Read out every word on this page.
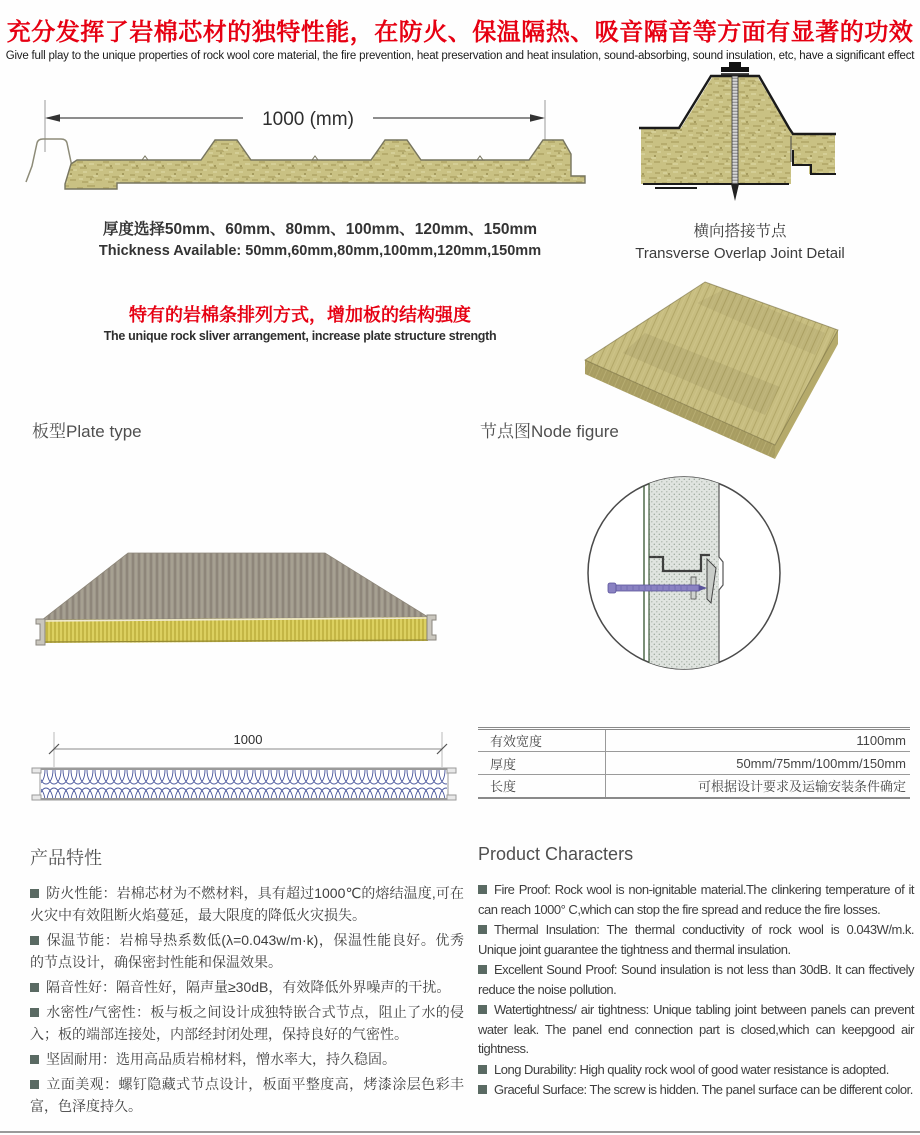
充分发挥了岩棉芯材的独特性能，在防火、保温隔热、吸音隔音等方面有显著的功效
Give full play to the unique properties of rock wool core material, the fire prevention, heat preservation and heat insulation, sound-absorbing, sound insulation, etc, have a significant effect
1000 (mm)
厚度选择50mm、60mm、80mm、100mm、120mm、150mm
Thickness Available: 50mm,60mm,80mm,100mm,120mm,150mm
横向搭接节点
Transverse Overlap Joint Detail
特有的岩棉条排列方式，增加板的结构强度
The unique rock sliver arrangement, increase plate structure strength
板型Plate type	节点图Node figure
1000	有效宽度	1100mm
厚度	50mm/75mm/100mm/150mm
长度	可根据设计要求及运输安装条件确定
产品特性

防火性能：岩棉芯材为不燃材料，具有超过1000℃的熔结温度,可在火灾中有效阻断火焰蔓延，最大限度的降低火灾损失。

保温节能：岩棉导热系数低(λ=0.043w/m·k)，保温性能良好。优秀的节点设计，确保密封性能和保温效果。

隔音性好：隔音性好，隔声量≥30dB，有效降低外界噪声的干扰。

水密性/气密性：板与板之间设计成独特嵌合式节点，阻止了水的侵入；板的端部连接处，内部经封闭处理，保持良好的气密性。

坚固耐用：选用高品质岩棉材料，憎水率大，持久稳固。

立面美观：螺钉隐藏式节点设计，板面平整度高，烤漆涂层色彩丰富，色泽度持久。

Product Characters

Fire Proof: Rock wool is non-ignitable material.The clinkering temperature of it can reach 1000° C,which can stop the fire spread and reduce the fire losses.

Thermal Insulation: The thermal conductivity of rock wool is 0.043W/m.k. Unique joint guarantee the tightness and thermal insulation.

Excellent Sound Proof: Sound insulation is not less than 30dB. It can ffectively reduce the noise pollution.

Watertightness/ air tightness: Unique tabling joint between panels can prevent water leak. The panel end connection part is closed,which can keepgood air tightness.

Long Durability: High quality rock wool of good water resistance is adopted.

Graceful Surface: The screw is hidden. The panel surface can be different color.
